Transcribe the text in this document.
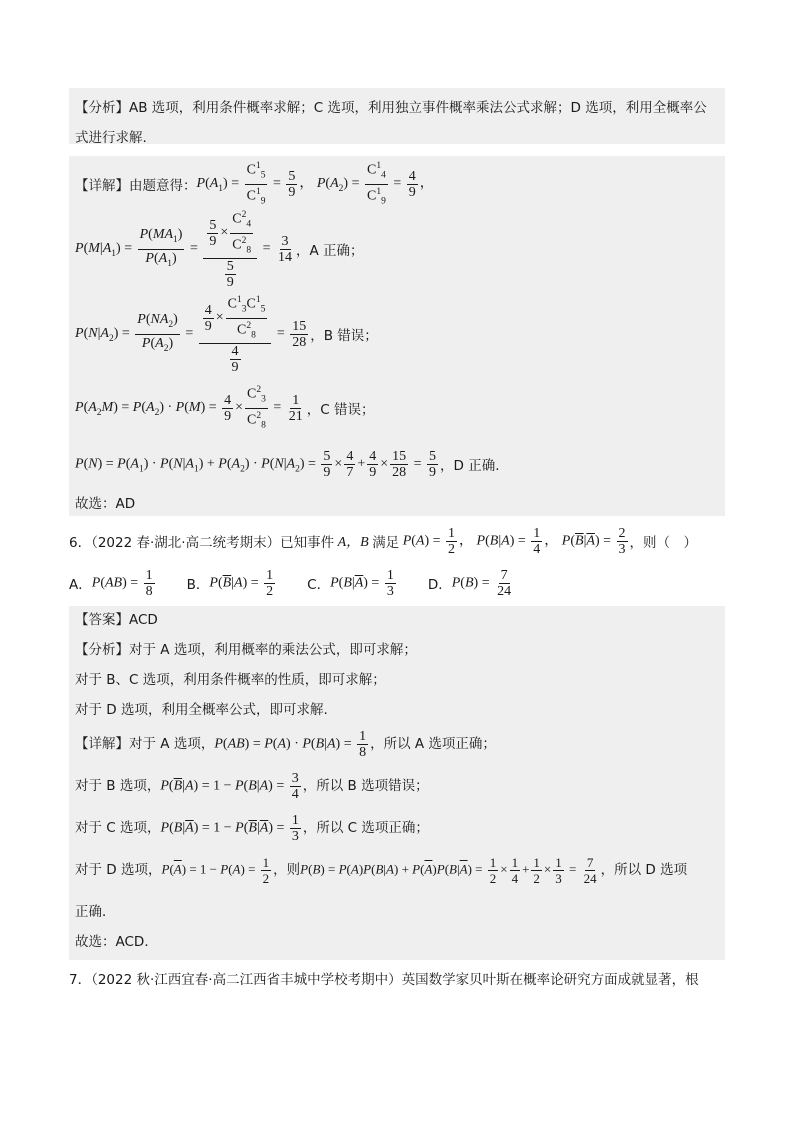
【分析】AB 选项，利用条件概率求解；C 选项，利用独立事件概率乘法公式求解；D 选项，利用全概率公
式进行求解.
【详解】由题意得： $P(A_1) = \frac{C^1_5}{C^1_9} = \frac{5}{9}$ ， $P(A_2) = \frac{C^1_4}{C^1_9} = \frac{4}{9}$ ，
$P(M|A_1) = \frac{P(MA_1)}{P(A_1)} = \frac{\frac{5}{9} \times \frac{C^2_4}{C^2_8}}{\frac{5}{9}} = \frac{3}{14}$ ，A 正确；
$P(N|A_2) = \frac{P(NA_2)}{P(A_2)} = \frac{\frac{4}{9} \times \frac{C^1_3C^1_5}{C^2_8}}{\frac{4}{9}} = \frac{15}{28}$ ，B 错误；
$P(A_2M) = P(A_2) \cdot P(M) = \frac{4}{9} \times \frac{C^2_3}{C^2_8} = \frac{1}{21}$ ，C 错误；
$P(N) = P(A_1) \cdot P(N|A_1) + P(A_2) \cdot P(N|A_2) = \frac{5}{9} \times \frac{4}{7} + \frac{4}{9} \times \frac{15}{28} = \frac{5}{9}$ ，D 正确.
故选：AD
6．（2022 春·湖北·高二统考期末）已知事件 A，B 满足 $P(A) = \frac{1}{2}$ ， $P(B|A) = \frac{1}{4}$ ， $P(\overline{B}|\overline{A}) = \frac{2}{3}$ ，则（　）
A． $P(AB) = \frac{1}{8}$ B． $P(\overline{B}|A) = \frac{1}{2}$ C． $P(B|\overline{A}) = \frac{1}{3}$ D． $P(B) = \frac{7}{24}$
【答案】ACD
【分析】对于 A 选项，利用概率的乘法公式，即可求解；
对于 B、C 选项，利用条件概率的性质，即可求解；
对于 D 选项，利用全概率公式，即可求解.
【详解】对于 A 选项， $P(AB) = P(A) \cdot P(B|A) = \frac{1}{8}$ ，所以 A 选项正确；
对于 B 选项， $P(\overline{B}|A) = 1 - P(B|A) = \frac{3}{4}$ ，所以 B 选项错误；
对于 C 选项， $P(B|\overline{A}) = 1 - P(\overline{B}|\overline{A}) = \frac{1}{3}$ ，所以 C 选项正确；
对于 D 选项， $P(\overline{A}) = 1 - P(A) = \frac{1}{2}$ ，则 $P(B) = P(A)P(B|A) + P(\overline{A})P(B|\overline{A}) = \frac{1}{2} \times \frac{1}{4} + \frac{1}{2} \times \frac{1}{3} = \frac{7}{24}$ ，所以 D 选项
正确．
故选：ACD．
7．（2022 秋·江西宜春·高二江西省丰城中学校考期中）英国数学家贝叶斯在概率论研究方面成就显著，根
